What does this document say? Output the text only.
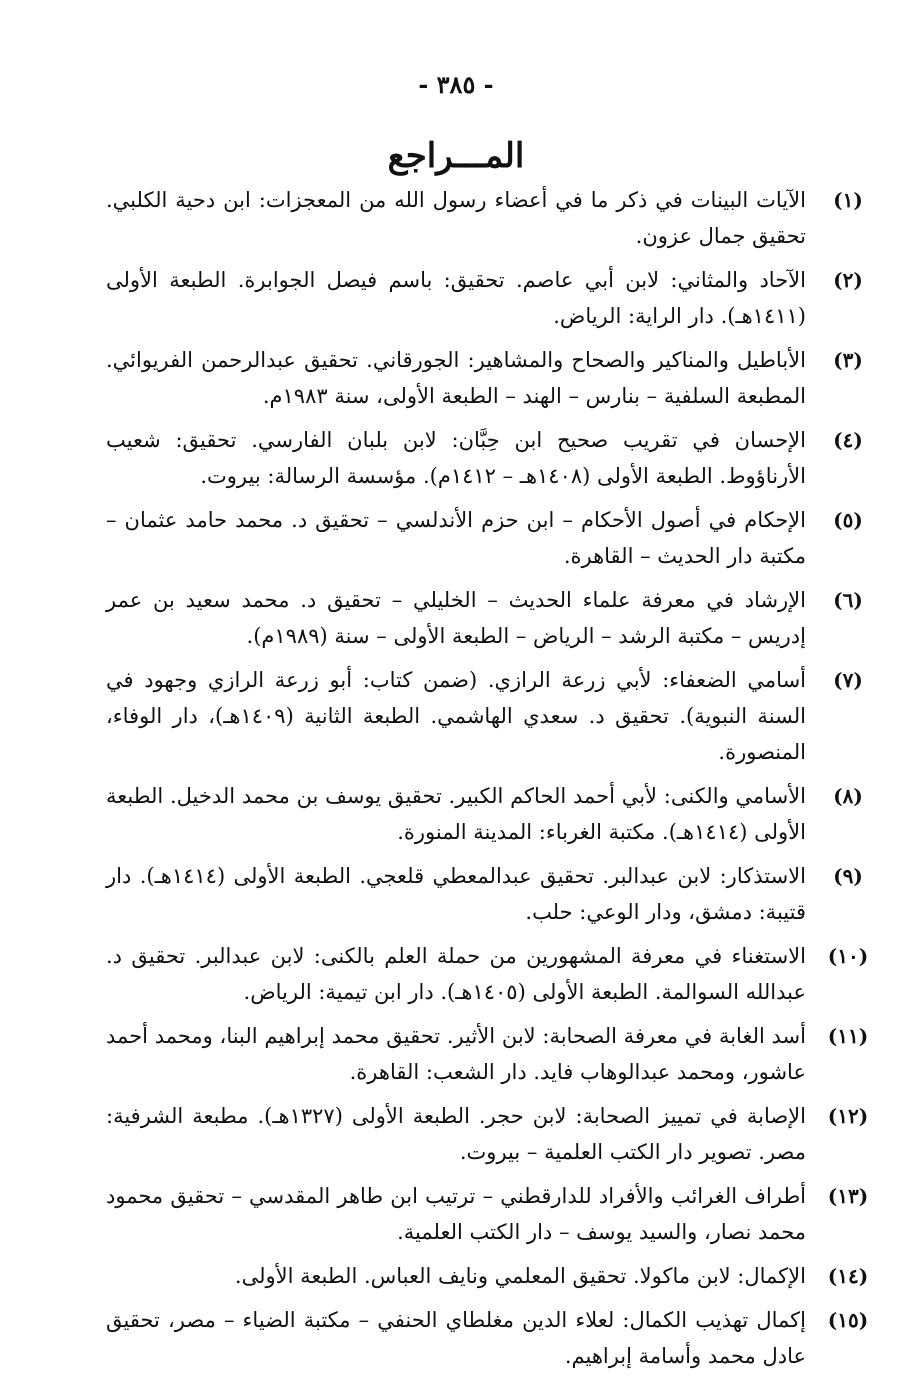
- ٣٨٥ -
المـــراجع
(١)
الآيات البينات في ذكر ما في أعضاء رسول الله من المعجزات: ابن دحية الكلبي. تحقيق جمال عزون.
(٢)
الآحاد والمثاني: لابن أبي عاصم. تحقيق: باسم فيصل الجوابرة. الطبعة الأولى (١٤١١هـ). دار الراية: الرياض.
(٣)
الأباطيل والمناكير والصحاح والمشاهير: الجورقاني. تحقيق عبدالرحمن الفريوائي. المطبعة السلفية – بنارس – الهند – الطبعة الأولى، سنة ١٩٨٣م.
(٤)
الإحسان في تقريب صحيح ابن حِبَّان: لابن بلبان الفارسي. تحقيق: شعيب الأرناؤوط. الطبعة الأولى (١٤٠٨هـ – ١٤١٢م). مؤسسة الرسالة: بيروت.
(٥)
الإحكام في أصول الأحكام – ابن حزم الأندلسي – تحقيق د. محمد حامد عثمان – مكتبة دار الحديث – القاهرة.
(٦)
الإرشاد في معرفة علماء الحديث – الخليلي – تحقيق د. محمد سعيد بن عمر إدريس – مكتبة الرشد – الرياض – الطبعة الأولى – سنة (١٩٨٩م).
(٧)
أسامي الضعفاء: لأبي زرعة الرازي. (ضمن كتاب: أبو زرعة الرازي وجهود في السنة النبوية). تحقيق د. سعدي الهاشمي. الطبعة الثانية (١٤٠٩هـ)، دار الوفاء، المنصورة.
(٨)
الأسامي والكنى: لأبي أحمد الحاكم الكبير. تحقيق يوسف بن محمد الدخيل. الطبعة الأولى (١٤١٤هـ). مكتبة الغرباء: المدينة المنورة.
(٩)
الاستذكار: لابن عبدالبر. تحقيق عبدالمعطي قلعجي. الطبعة الأولى (١٤١٤هـ). دار قتيبة: دمشق، ودار الوعي: حلب.
(١٠)
الاستغناء في معرفة المشهورين من حملة العلم بالكنى: لابن عبدالبر. تحقيق د. عبدالله السوالمة. الطبعة الأولى (١٤٠٥هـ). دار ابن تيمية: الرياض.
(١١)
أسد الغابة في معرفة الصحابة: لابن الأثير. تحقيق محمد إبراهيم البنا، ومحمد أحمد عاشور، ومحمد عبدالوهاب فايد. دار الشعب: القاهرة.
(١٢)
الإصابة في تمييز الصحابة: لابن حجر. الطبعة الأولى (١٣٢٧هـ). مطبعة الشرفية: مصر. تصوير دار الكتب العلمية – بيروت.
(١٣)
أطراف الغرائب والأفراد للدارقطني – ترتيب ابن طاهر المقدسي – تحقيق محمود محمد نصار، والسيد يوسف – دار الكتب العلمية.
(١٤)
الإكمال: لابن ماكولا. تحقيق المعلمي ونايف العباس. الطبعة الأولى.
(١٥)
إكمال تهذيب الكمال: لعلاء الدين مغلطاي الحنفي – مكتبة الضياء – مصر، تحقيق عادل محمد وأسامة إبراهيم.
